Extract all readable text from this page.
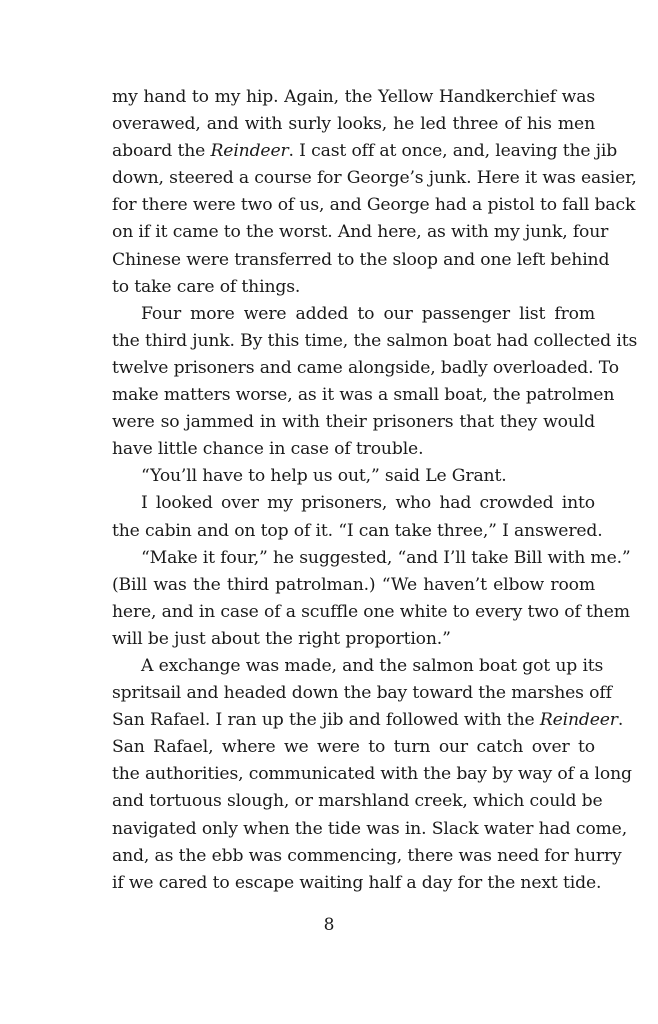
my hand to my hip. Again, the Yellow Handkerchief was
overawed, and with surly looks, he led three of his men
aboard the Reindeer. I cast off at once, and, leaving the jib
down, steered a course for George’s junk. Here it was easier,
for there were two of us, and George had a pistol to fall back
on if it came to the worst. And here, as with my junk, four
Chinese were transferred to the sloop and one left behind
to take care of things.
Four more were added to our passenger list from
the third junk. By this time, the salmon boat had collected its
twelve prisoners and came alongside, badly overloaded. To
make matters worse, as it was a small boat, the patrolmen
were so jammed in with their prisoners that they would
have little chance in case of trouble.
“You’ll have to help us out,” said Le Grant.
I looked over my prisoners, who had crowded into
the cabin and on top of it. “I can take three,” I answered.
“Make it four,” he suggested, “and I’ll take Bill with me.”
(Bill was the third patrolman.) “We haven’t elbow room
here, and in case of a scuffle one white to every two of them
will be just about the right proportion.”
A exchange was made, and the salmon boat got up its
spritsail and headed down the bay toward the marshes off
San Rafael. I ran up the jib and followed with the Reindeer.
San Rafael, where we were to turn our catch over to
the authorities, communicated with the bay by way of a long
and tortuous slough, or marshland creek, which could be
navigated only when the tide was in. Slack water had come,
and, as the ebb was commencing, there was need for hurry
if we cared to escape waiting half a day for the next tide.
8
